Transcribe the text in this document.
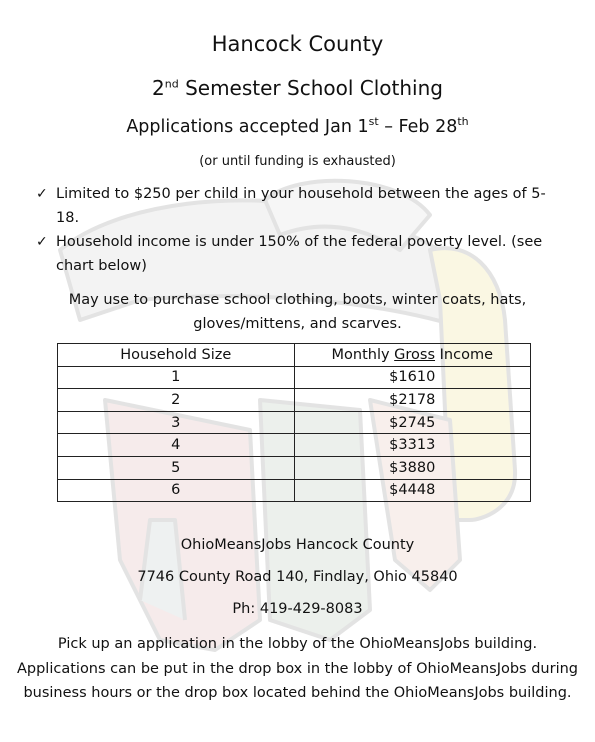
Hancock County
2nd Semester School Clothing
Applications accepted Jan 1st – Feb 28th
(or until funding is exhausted)
✓ Limited to $250 per child in your household between the ages of 5-18.
✓ Household income is under 150% of the federal poverty level. (see chart below)
May use to purchase school clothing, boots, winter coats, hats, gloves/mittens, and scarves.
Household Size	Monthly Gross Income
1	$1610
2	$2178
3	$2745
4	$3313
5	$3880
6	$4448
OhioMeansJobs Hancock County
7746 County Road 140, Findlay, Ohio 45840
Ph: 419-429-8083
Pick up an application in the lobby of the OhioMeansJobs building. Applications can be put in the drop box in the lobby of OhioMeansJobs during business hours or the drop box located behind the OhioMeansJobs building.
